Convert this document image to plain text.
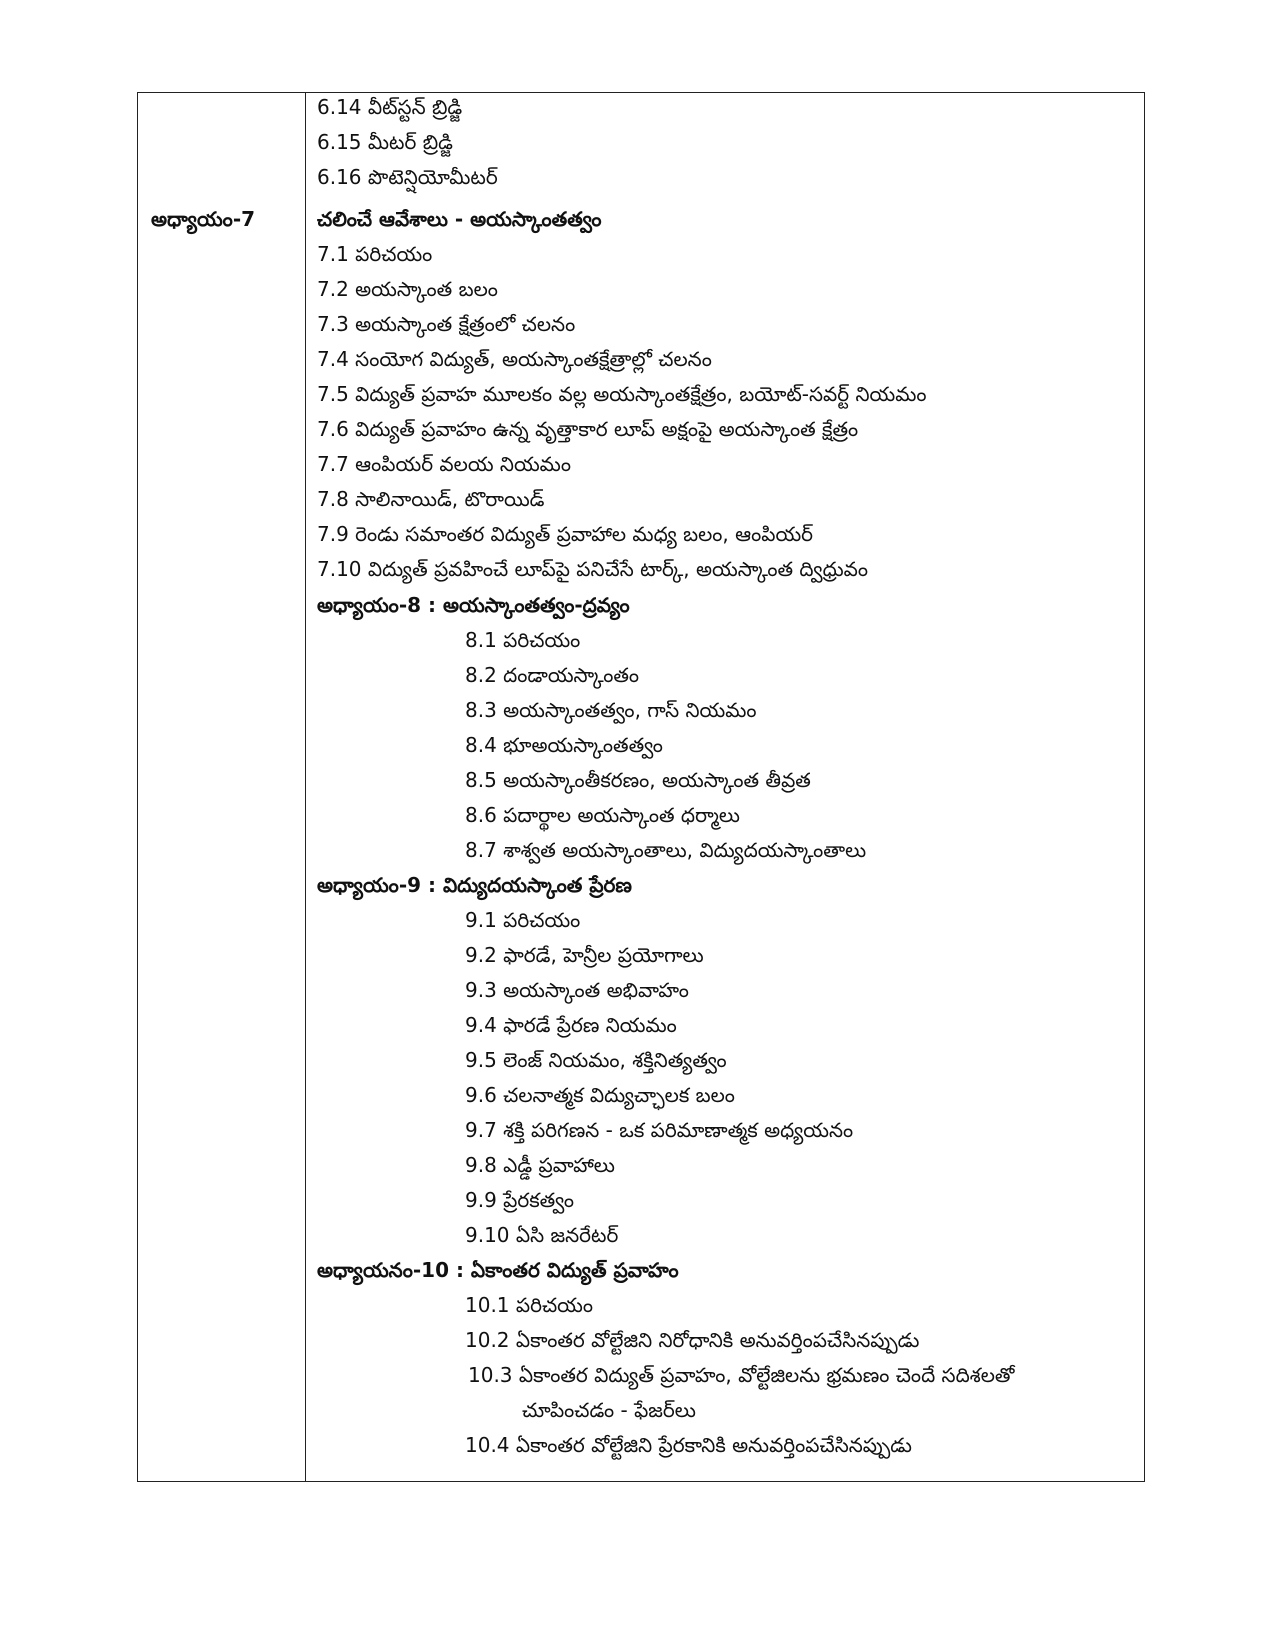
అధ్యాయం-7
6.14 వీట్‌స్టన్ బ్రిడ్జి
6.15 మీటర్ బ్రిడ్జి
6.16 పొటెన్షియోమీటర్
చలించే ఆవేశాలు - అయస్కాంతత్వం
7.1 పరిచయం
7.2 అయస్కాంత బలం
7.3 అయస్కాంత క్షేత్రంలో చలనం
7.4 సంయోగ విద్యుత్, అయస్కాంతక్షేత్రాల్లో చలనం
7.5 విద్యుత్ ప్రవాహ మూలకం వల్ల అయస్కాంతక్షేత్రం, బయోట్-సవర్ట్ నియమం
7.6 విద్యుత్ ప్రవాహం ఉన్న వృత్తాకార లూప్ అక్షంపై అయస్కాంత క్షేత్రం
7.7 ఆంపియర్ వలయ నియమం
7.8 సాలినాయిడ్, టొరాయిడ్
7.9 రెండు సమాంతర విద్యుత్ ప్రవాహాల మధ్య బలం, ఆంపియర్
7.10 విద్యుత్ ప్రవహించే లూప్‌పై పనిచేసే టార్క్, అయస్కాంత ద్విధ్రువం
అధ్యాయం-8 : అయస్కాంతత్వం-ద్రవ్యం
8.1 పరిచయం
8.2 దండాయస్కాంతం
8.3 అయస్కాంతత్వం, గాస్ నియమం
8.4 భూఅయస్కాంతత్వం
8.5 అయస్కాంతీకరణం, అయస్కాంత తీవ్రత
8.6 పదార్థాల అయస్కాంత ధర్మాలు
8.7 శాశ్వత అయస్కాంతాలు, విద్యుదయస్కాంతాలు
అధ్యాయం-9 : విద్యుదయస్కాంత ప్రేరణ
9.1 పరిచయం
9.2 ఫారడే, హెన్రీల ప్రయోగాలు
9.3 అయస్కాంత అభివాహం
9.4 ఫారడే ప్రేరణ నియమం
9.5 లెంజ్ నియమం, శక్తినిత్యత్వం
9.6 చలనాత్మక విద్యుచ్ఛాలక బలం
9.7 శక్తి పరిగణన - ఒక పరిమాణాత్మక అధ్యయనం
9.8 ఎడ్డీ ప్రవాహాలు
9.9 ప్రేరకత్వం
9.10 ఏసి జనరేటర్
అధ్యాయనం-10 : ఏకాంతర విద్యుత్ ప్రవాహం
10.1 పరిచయం
10.2 ఏకాంతర వోల్టేజిని నిరోధానికి అనువర్తింపచేసినప్పుడు
10.3 ఏకాంతర విద్యుత్ ప్రవాహం, వోల్టేజిలను భ్రమణం చెందే సదిశలతో
చూపించడం - ఫేజర్‌లు
10.4 ఏకాంతర వోల్టేజిని ప్రేరకానికి అనువర్తింపచేసినప్పుడు
